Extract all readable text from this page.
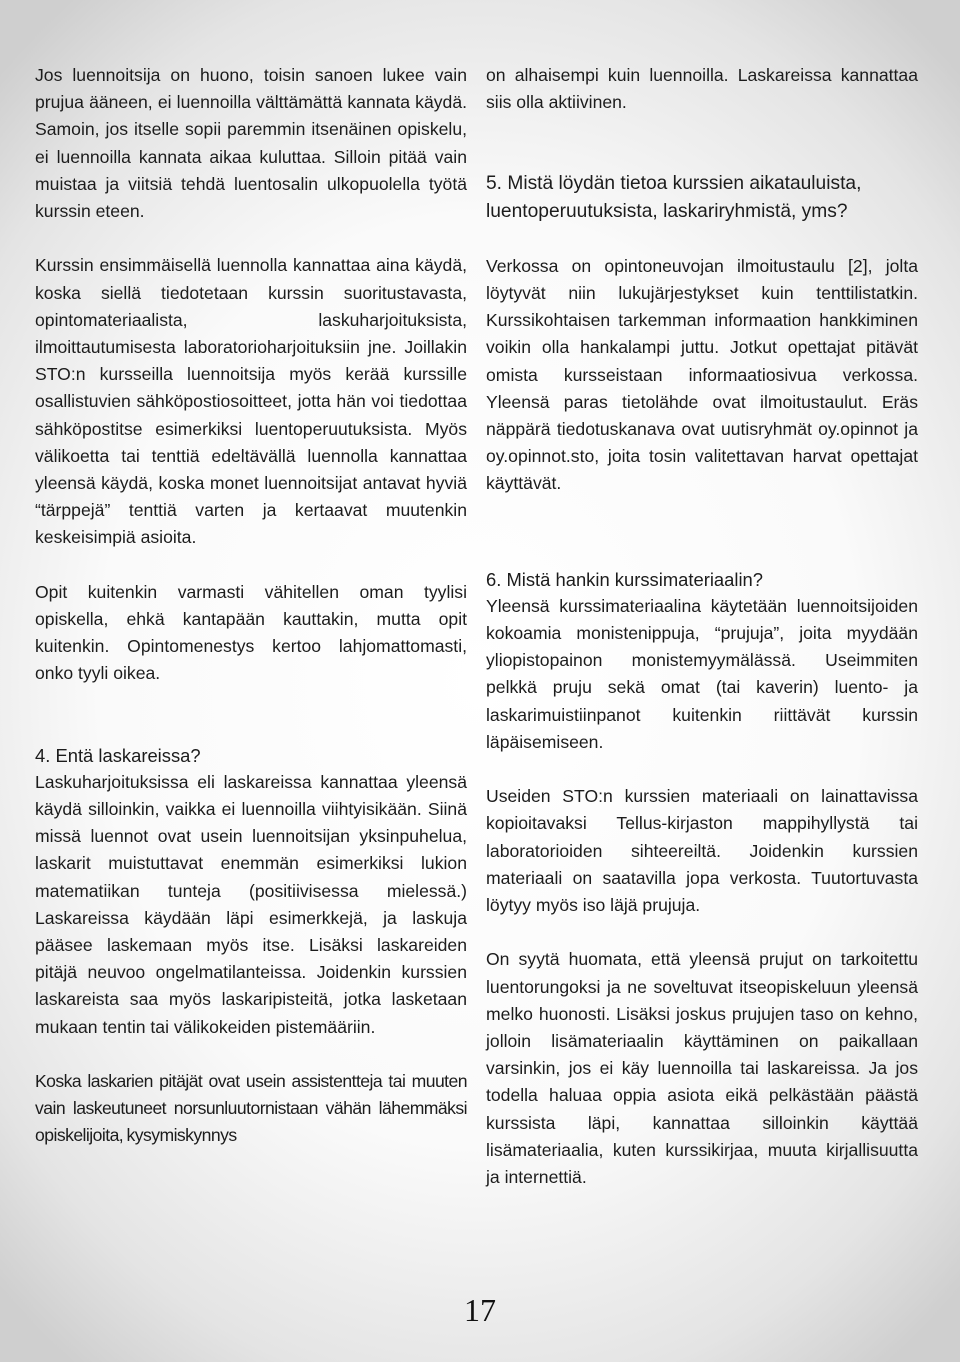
Jos luennoitsija on huono, toisin sanoen lukee vain prujua ääneen, ei luennoilla välttämättä kannata käydä. Samoin, jos itselle sopii paremmin itsenäinen opiskelu, ei luennoilla kannata aikaa kuluttaa. Silloin pitää vain muistaa ja viitsiä tehdä luentosalin ulkopuolella työtä kurssin eteen.

Kurssin ensimmäisellä luennolla kannattaa aina käydä, koska siellä tiedotetaan kurssin suoritustavasta, opintomateriaalista, laskuharjoituksista, ilmoittautumisesta laboratorioharjoituksiin jne. Joillakin STO:n kursseilla luennoitsija myös kerää kurssille osallistuvien sähköpostiosoitteet, jotta hän voi tiedottaa sähköpostitse esimerkiksi luentoperuutuksista. Myös välikoetta tai tenttiä edeltävällä luennolla kannattaa yleensä käydä, koska monet luennoitsijat antavat hyviä “tärppejä” tenttiä varten ja kertaavat muutenkin keskeisimpiä asioita.

Opit kuitenkin varmasti vähitellen oman tyylisi opiskella, ehkä kantapään kauttakin, mutta opit kuitenkin. Opintomenestys kertoo lahjomattomasti, onko tyyli oikea.

4. Entä laskareissa?

Laskuharjoituksissa eli laskareissa kannattaa yleensä käydä silloinkin, vaikka ei luennoilla viihtyisikään. Siinä missä luennot ovat usein luennoitsijan yksinpuhelua, laskarit muistuttavat enemmän esimerkiksi lukion matematiikan tunteja (positiivisessa mielessä.) Laskareissa käydään läpi esimerkkejä, ja laskuja pääsee laskemaan myös itse. Lisäksi laskareiden pitäjä neuvoo ongelmatilanteissa. Joidenkin kurssien laskareista saa myös laskaripisteitä, jotka lasketaan mukaan tentin tai välikokeiden pistemääriin.

Koska laskarien pitäjät ovat usein assistentteja tai muuten vain laskeutuneet norsunluutornistaan vähän lähemmäksi opiskelijoita, kysymiskynnys

on alhaisempi kuin luennoilla. Laskareissa kannattaa siis olla aktiivinen.

5. Mistä löydän tietoa kurssien aikatauluista,
luentoperuutuksista, laskariryhmistä, yms?

Verkossa on opintoneuvojan ilmoitustaulu [2], jolta löytyvät niin lukujärjestykset kuin tenttilistatkin. Kurssikohtaisen tarkemman informaation hankkiminen voikin olla hankalampi juttu. Jotkut opettajat pitävät omista kursseistaan informaatiosivua verkossa. Yleensä paras tietolähde ovat ilmoitustaulut. Eräs näppärä tiedotuskanava ovat uutisryhmät oy.opinnot ja oy.opinnot.sto, joita tosin valitettavan harvat opettajat käyttävät.

6. Mistä hankin kurssimateriaalin?

Yleensä kurssimateriaalina käytetään luennoitsijoiden kokoamia monistenippuja, “prujuja”, joita myydään yliopistopainon monistemyymälässä. Useimmiten pelkkä pruju sekä omat (tai kaverin) luento- ja laskarimuistiinpanot kuitenkin riittävät kurssin läpäisemiseen.

Useiden STO:n kurssien materiaali on lainattavissa kopioitavaksi Tellus-kirjaston mappihyllystä tai laboratorioiden sihteereiltä. Joidenkin kurssien materiaali on saatavilla jopa verkosta. Tuutortuvasta löytyy myös iso läjä prujuja.

On syytä huomata, että yleensä prujut on tarkoitettu luentorungoksi ja ne soveltuvat itseopiskeluun yleensä melko huonosti. Lisäksi joskus prujujen taso on kehno, jolloin lisämateriaalin käyttäminen on paikallaan varsinkin, jos ei käy luennoilla tai laskareissa. Ja jos todella haluaa oppia asiota eikä pelkästään päästä kurssista läpi, kannattaa silloinkin käyttää lisämateriaalia, kuten kurssikirjaa, muuta kirjallisuutta ja internettiä.

17
